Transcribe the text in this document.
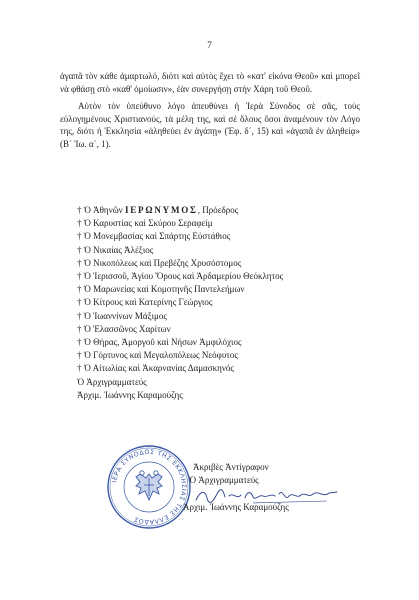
7

ἀγαπᾶ τὸν κάθε ἁμαρτωλό, διότι καὶ αὐτὸς ἔχει τὸ «κατ' εἰκόνα Θεοῦ» καὶ μπορεῖ νὰ φθάσῃ στὸ «καθ' ὁμοίωσιν», ἐὰν συνεργήσῃ στὴν Χάρη τοῦ Θεοῦ.

Αὐτὸν τὸν ὑπεύθυνο λόγο ἀπευθύνει ἡ Ἱερὰ Σύνοδος σὲ σᾶς, τοὺς εὐλογημένους Χριστιανούς, τὰ μέλη της, καὶ σὲ ὅλους ὅσοι ἀναμένουν τὸν Λόγο της, διότι ἡ Ἐκκλησία «ἀληθεύει ἐν ἀγάπῃ» (Ἐφ. δ΄, 15) καὶ «ἀγαπᾶ ἐν ἀληθείᾳ» (Β΄ Ἰω. α΄, 1).

† Ὁ Ἀθηνῶν ΙΕΡΩΝΥΜΟΣ, Πρόεδρος
† Ὁ Καρυστίας καὶ Σκύρου Σεραφείμ
† Ὁ Μονεμβασίας καὶ Σπάρτης Εὐστάθιος
† Ὁ Νικαίας Ἀλέξιος
† Ὁ Νικοπόλεως καὶ Πρεβέζης Χρυσόστομος
† Ὁ Ἱερισσοῦ, Ἁγίου Ὄρους καὶ Ἀρδαμερίου Θεόκλητος
† Ὁ Μαρωνείας καὶ Κομοτηνῆς Παντελεήμων
† Ὁ Κίτρους καὶ Κατερίνης Γεώργιος
† Ὁ Ἰωαννίνων Μάξιμος
† Ὁ Ἐλασσῶνος Χαρίτων
† Ὁ Θήρας, Ἀμοργοῦ καὶ Νήσων Ἀμφιλόχιος
† Ὁ Γόρτυνος καὶ Μεγαλοπόλεως Νεόφυτος
† Ὁ Αἰτωλίας καὶ Ἀκαρνανίας Δαμασκηνός
Ὁ Ἀρχιγραμματεύς
Ἀρχιμ. Ἰωάννης Καραμούζης
ΙΕΡΑ ΣΥΝΟΔΟΣ ΤΗΣ ΕΚΚΛΗΣΙΑΣ ΤΗΣ ΕΛΛΑΔΟΣ
Ἀκριβὲς Ἀντίγραφον
Ὁ Ἀρχιγραμματεύς
Ἀρχιμ. Ἰωάννης Καραμούζης
